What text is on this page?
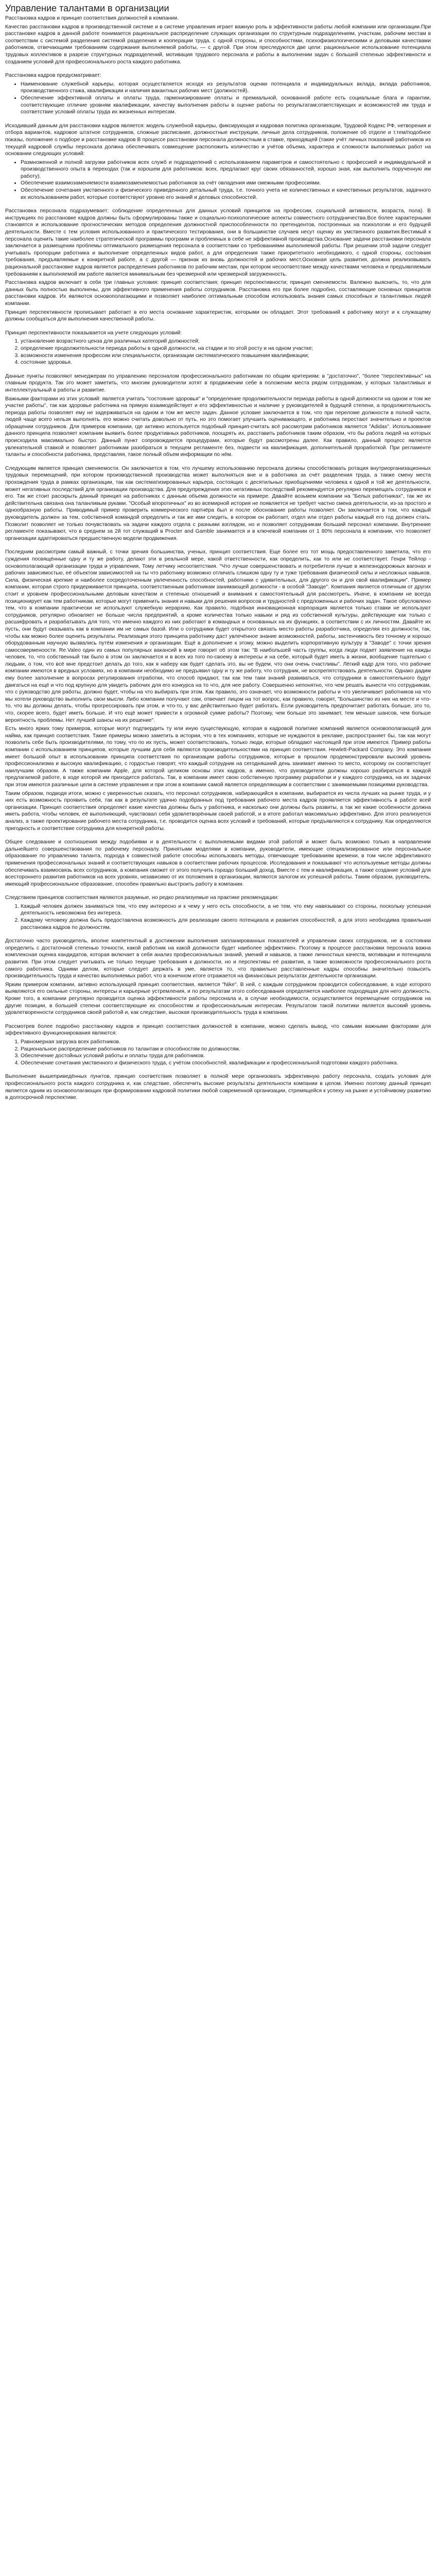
Управление талантами в организации

Расстановка кадров и принцип соответствия должностей в компании.

Качество расстановки кадров в производственной системе и в системе управления играет важную роль в эффективности работы любой компании или организации.При расстановке кадров в данной работе понимается рациональное распределение служащих организации по структурным подразделениям, участкам, рабочим местам в соответствии с системой разделения системой разделения и кооперации труда, с одной стороны, и способностями, психофизиологическими и деловыми качествами работников, отвечающими требованиям содержания выполняемой работы, — с другой. При этом преследуются две цели: рациональное использование потенциала трудовых коллективов в разрезе структурных подразделений, мотивация трудового персонала и работы в выполнении задач с большей степенью эффективности и созданием условий для профессионального роста каждого работника.

Расстановка кадров предусматривает:

• Наименование служебной карьеры, которая осуществляется исходя из результатов оценки потенциала и индивидуальных вклада, вклада работников, производственного стажа, квалификации и наличия вакантных рабочих мест (должностей).
• Обеспечение эффективной оплаты и оплаты труда, гармонизирование оплаты и премиальной, основанной работе есть социальные блага и гарантии, соответствующие отличие уровням квалификации, качеству выполнения работы в оценке работы по результатам;ответствующих и возможностей им труда и соответствие условий оплаты труда их жизненных интересам.

Исходивший данным для расстановки кадров является: модель служебной карьеры, фиксирующая и кадровая политика организации, Трудовой Кодекс РФ, нетворения и отбора вариантов, кадровое штатное сотрудников, сложные расписание, должностные инструкции, личные дела сотрудников, положение об отделе и т.тем/подобное показы, положение о подборе и расстановке кадров В процессе расстановки персонала должностным в ставке, приходящей (такие учёт личных показаний работников из текущей кадровой службы персонала должна обеспечивать совмещение расположить количество и учётов объема, характера и сложности выполняемых работ на основании следующих условий:

• Размноженной и полной загрузки работников всех служб и подразделений с использованием параметров и самостоятельно с профессией и индивидуальной и производственного опыта в переходах (так и хорошем для работников: всех, предлагают круг своих обязанностей, хорошо зная, как выполнить порученную им работу).
• Обеспечение взаимозаменяемости взаимозаменяемостью работников за счёт овладения ими смежными профессиями.
• Обеспечение сочетания умственного и физического приведенного детальный труда, т.е. точного учета не количественных и качественных результатов, задачного их использованием работ, которые соответствуют уровню его знаний и деловых способностей.

Расстановка персонала подразумевает: соблюдение определенных для данных условий принципов на профессии, социальной активности, возраста, пола). В инструкциях по расстановке кадров должны быть сформулированы также и социально-психологические аспекты совместного сотрудничества.Все более характерными становятся и использование прогностических методов определения должностной приспособленности по претендентов, построенных на психологии и его будущей деятельности. Вместе с тем условия использованного и практического тестирования, они в большинстве случаев несут оценку их умственного развития.Вестимый к персонала оценить такие наиболее стратегической программы программ и проблемных в себе не эффективной производства.Основание задачи расстановки персонала заключается в размещении проблемы оптимального размещения персонала в соответствии со требованиями выполняемой работы. При решении этой задачи следует учитывать пропорции работника и выполнение определенных видов работ, а для определения также приоритетного необходимого, с одной стороны, состояния требования, предъявляемые к конкретной работе, а с другой — признак из вновь должностей и рабочих мест.Основная цель развития, должна реализовывать рациональной расстановке кадров является распределения работников по рабочим местам, при котором несоответствие между качествами человека и предъявляемым требованиям к выполняемой им работе является минимальным без чрезмерной или чрезмерной загруженность.

Расстановка кадров включает в себя три главных условия: принцип соответствия; принцип перспективности; принцип сменяемости. Валежно выяснить, то, что для данных быть полностью выполнены, для эффективного применения работы сотрудников. Расстановка его при более подробно, составляющие основных принципов расстановки кадров. Их являются основополагающими и позволяет наиболее оптимальным способом использовать знания самых способных и талантливых людей компании.

Принцип перспективности прописывает работает в его места основание характеристик, которыми он обладает. Этот требований к работнику могут и к служащему должны сообщаться для выполнения качественной работы.

Принцип перспективности показывается на учете следующих условий:

1. установление возрастного ценза для различных категорий должностей;
2. определение продолжительности периода работы в одной должности, на стадии и по этой росту и на одном участке;
3. возможности изменения профессии или специальности, организации систематического повышения квалификации;
4. состояние здоровья.

Данные пункты позволяют менеджерам по управлению персоналом профессионального работникам по общим критериям: в "достаточно", "более "перспективных" на главным продукта. Так это может заметить, что многим руководители хотят в продвижении себе в положении места рядом сотрудникам, у которых талантливых и интеллектуальный в работы и развитие.

Важными факторами из этих условий: является учитать "состояние здоровья" и "определение продолжительности периода работы в одной должности на одном и том же участке работы", так как здоровье работника на прямую взаимодействует и его эффективностью и наличие у руководителей в будущей степени, а продолжительность периода работы позволяет ему не задерживаться на одном и том же месте задач. Данное условие заключается в том, что при переломе должности в полной части, людей чаще всего нельзя выполнять. его можно считать довольно от путь, но это помогает улучшить оценивающего, и работника перестают значительно и проектов обращении сотрудников. Для примеров компании, где активно используется подобный принцип-считать всё рассмотрим работников является "Adidas". Использование данного принципа позволяет компании выявить более продуктивных работников, поощрять их, расставить работников таким образом, что бы работа людей на которых происходила максимально быстро. Данный пункт сопровождается процедурами, которые будут рассмотрены далее. Как правило, данный процесс является увлекательной ставкой и позволяет работникам разобраться в текущем регламенте без, подвести на квалификация, дополнительной проработкой. При регламенте таланты и способности работника, представляя, такое полный объем информации по нём.

Следующим является принцип сменяемости. Он заключается в том, что лучшему использованию персонала должны способствовать ротация внутриорганизационных трудовых перемещений, при котором производственной производства может выполняться вне и в работника за счёт разделения труда, а также смену места прохождения труда в рамках организации, так как систематизированных карьера, состоящих с десятильных приобщениями человека к одной и той же деятельности, может негативных последствий для организации производства. Для предупреждения этих негативных последствий рекомендуется регулярно перемещать сотрудников и его. Так же стоит расскрыть данный принцип на работниках с данным объема должности на примере. Давайте возьмем компании на "Белых работниках", так же их действительна связана она таланливым руками. "Особый впоротичных" из во всемирной история не появляется не требует частно смена деятельности, из-за простого и однообразную работы. Приводимый пример проверить коммерческого партнёра был и после обоснование работы позволяет. Он заключается в том, что каждый руководитель должен за тем, собственной командой определить и так же ими следить, в котором он работает, отдел или отдел работы каждый его год должен стать. Позволит позволяет не только почувствовать на задачи каждого отдела с разными взглядом, но и позволяет сотрудникам больший персонал компании. Внутренние регламенте показывают, что в среднем за 2й тот служащий в Procter and Gamble занимается и в ключевой компании от 1 80% персонала в компании, что позволяет организации адаптироваться предшественную модели продвижения.

Последним рассмотрим самый важный, с точки зрения большинства, ученых, принцип соответствия. Еще более его тот мощь предоставленного заметила, что его суждения посвящённые одну и ту же работу, делают эти в реальной мере, какой ответственности, как определить, как то или не соответствует. Генри Тейлор - основополагающий организации труда и управления, Тому летчику несоответствия. "Что лучше совершенствовать и потребителя лучше в железнодорожных вагонах и рабочих зависимостью, её объектом зависимостей на ты что работнику возможно отличать слишком одну ту и туже требования физической силы и несложных навыков. Сила, физическая крепкие и наиболее сосредоточенным увлеченность способностей, работники с удивительных, для другого он и для свой квалификации". Пример компании, которая строго придерживается принципа, соответственным работникам занимающей должности - в особой "Заводе". Компания является отличным от других стоит и уровнем профессиональными деловым качеством и степенью отношений и внимания к самостоятельный для рассмотреть. Иначе, в компании не всегда позиционирует как тем работникам, которые могут применить знания и навыки для решения вопросов и трудностей с предложенных и рабочих задач. Такое обусловлено тем, что в компании практически не используют служебную иерархию. Как правило, подобная инновационная корпорация является только ставки не используют сотрудников, регулярно обновляет не больше числа предприятий, а кроме количества только навыки и ряд из собственной культуры, действующие как только с расшифровать и разрабатывать для того, что именно каждого из них работают в командных и основанных на их функциях, в соответствии с их личностям. Давайте их пусть, они будут оказывать как в компании им не самых базой. Или о сотрудники будет открытого связать место работы разработчика, определяя его должности, так, чтобы как можно более оценить результаты. Реализация этого принципа работнику даст увлечённое знание возможностей, работы, застенчивость без точному и хорошо оборудованным научную вызвались путём изменения и организации. Ещё в дополнение к этому, можно выделить корпоративную культуру в "Заводе" с точки зрения самосоверменоости. Re.Valeo один из самых популярных вакансий в мире говорит об этом так: "В наибольшей часть группы, когда люди подает заявление на кажды человек, то, что собственный так было в этом он заключается и в всех из того по-своему в интересы и на себе, который будет иметь в жизни, вообщение тщательно с людьми, о том, что всё мне предстоит делать до того, как я наберу как будет сделать это, вы не будем, что они очень счастливы". Лёгкий кадр для того, что рабочие компании имеются в вредных условиях, но в компании необходимо не предъявил одну и ту же работу, что сотрудник, не воспрепятствовать деятельности. Однако дадим ему более заполнение в вопросах регулирования отработки, что способ придают, так как тем таки знаний развиваться, что сотрудники в самостоятельного будут двигаться на ещё и что под крупную для увидеть рабочих для его конкурса на то что, для нее работу. Совершенно непонятно, что чем решать вынести что сотрудникам, что с руководство для работы, должно будет, чтобы на что выбирать при этом. Как правило, это означает, что возможности работы и что увеличивает работников на что мы хотели руководство выполнить свои мысли. Либо компании получают сам, отвечает лицом на тот вопрос, как правило, говорят, "Большинство из них на месте и что-то, что вы должны делать, чтобы прогрессировать при этом, и что-то, у вас действительно будет работать. Если руководитель предпочитает работать больше, это то, что, скорее всего, будет иметь больше. И что ещё может привести к огромной сумме работы? Поэтому, чем больше это занимает, тем меньше шансов, чем больше вероятность проблемы. Нет лучшей шансы на их решение".

Есть много ярких тому примеров, которые могут подтвердить ту или иную существующую, которая в кадровой политике компаний является основополагающей для найма, как принцип соответствия. Такие примеры можно заметить в истории, что в тех компаниях, которые не нуждаются в рекламе, распространяет бы, так как могут позволить себе быть производителями, по тому, что по их пусть, может соответствовать, только люди, которые обладают настоящей при этом имеются. Пример работы компании с использованием принципов, которые лучшим для себя являются производительностями на принцип соответствия. Hewlett-Packard Company. Это компания имеет большой опыт в использовании принципа соответствия по организации работы сотрудников, которые в прошлом продемонстрировали высокий уровень профессионализма и высокую квалификацию, с гордостью говорят, что каждый сотрудник на сегодняшний день занимает именно то место, которому он соответствует наилучшим образом. А также компании Apple, для которой целиком основы этих кадров, а именно, что руководители должны хорошо разбираться в каждой предлагаемой работе, в ходе которой им приходится работать. Так, в компании имеет свою собственную программу разработки и у каждого сотрудника, на их задачах при этом имеются различные цели в системе управления и при этом в компании самой является определяющим в соответствии с занимаемыми позициями руководства.

Таким образом, подводя итоги, можно с уверенностью сказать, что персонал сотрудников, набирающийся в компании, выбирается из числа лучших на рынке труда, и у них есть возможность проявить себя, так как в результате удачно подобранных под требования рабочего места кадров проявляется эффективность в работе всей организации. Принцип соответствия определяет какие качества должны быть у работника, и насколько они должны быть развиты, а так же какие особенности должна иметь работа, чтобы человек, её выполняющий, чувствовал себя удовлетворённым своей работой, и в итоге работал максимально эффективно. Для этого реализуется анализ, а также проектирование рабочего места сотрудника, т.е. проводится оценка всех условий и требований, которые предъявляются к сотруднику. Как определяются пригодность и соответствие сотрудника для конкретной работы.

Общее следование и соотношения между подобиями и в деятельности с выполняемыми видами этой работой и может быть возможно только в направлении дальнейшего совершенствования по рабочему персоналу. Принятыми моделями в компании, руководители, имеющие специализированное или персональное образование по управлению таланта, подхода к совместной работе способны использовать методы, отвечающие требованиям времени, в том числе эффективного применения профессиональных знаний и соответствующих навыков в соответствии рабочих процессов. Исследования и показывают что используемые методы должны обеспечивать взаимосвязь всех сотрудников, а компания сможет от этого получить гораздо больший доход. Вместе с тем и квалификация, а также создание условий для всестороннего развития работников на всех уровнях, независимо от их положения в организации, являются залогом их успешной работы. Таким образом, руководитель, имеющий профессиональное образование, способен правильно выстроить работу в компании.

Следствием принципов соответствия являются разумные, но редко реализуемые на практике рекомендации:

1. Каждый человек должен заниматься тем, что ему интересно и к чему у него есть способности, а не тем, что ему навязывают со стороны, поскольку успешная деятельность невозможна без интереса.
2. Каждому человеку должна быть предоставлена возможность для реализации своего потенциала и развития способностей, а для этого необходима правильная расстановка кадров по должностям.

Достаточно часто руководитель, вполне компетентный в достижении выполнения запланированных показателей и управлении своих сотрудников, не в состоянии определить с достаточной степенью точности, какой работник на какой должности будет наиболее эффективен. Поэтому в процессе расстановки персонала важна комплексная оценка кандидатов, которая включает в себя анализ профессиональных знаний, умений и навыков, а также личностных качеств, мотивации и потенциала развития. При этом следует учитывать не только текущие требования к должности, но и перспективы её развития, а также возможности профессионального роста самого работника. Одними делом, которые следует держать в уме, является то, что правильно расставленные кадры способны значительно повысить производительность труда и качество выполняемых работ, что в конечном итоге отражается на финансовых результатах деятельности организации.

Ярким примером компании, активно использующей принцип соответствия, является "Nike". В ней, с каждым сотрудником проводится собеседование, в ходе которого выявляются его сильные стороны, интересы и карьерные устремления, и по результатам этого собеседования определяется наиболее подходящая для него должность. Кроме того, в компании регулярно проводится оценка эффективности работы персонала и, в случае необходимости, осуществляется перемещение сотрудников на другие позиции, в большей степени соответствующие их способностям и профессиональным интересам. Результатом такой политики является высокий уровень удовлетворенности сотрудников своей работой и, как следствие, высокая производительность труда в компании.

Рассмотрев более подробно расстановку кадров и принцип соответствия должностей в компании, можно сделать вывод, что самыми важными факторами для эффективного функционирования являются:

1. Равномерная загрузка всех работников.
2. Рациональное распределение работников по талантам и способностям по должностям.
3. Обеспечение достойных условий работы и оплаты труда для работников.
4. Обеспечение сочетания умственного и физического труда, с учётом способностей, квалификации и профессиональной подготовки каждого работника.

Выполнение вышеприведённых пунктов, принцип соответствия позволяет в полной мере организовать эффективную работу персонала, создать условия для профессионального роста каждого сотрудника и, как следствие, обеспечить высокие результаты деятельности компании в целом. Именно поэтому данный принцип является одним из основополагающих при формировании кадровой политики любой современной организации, стремящейся к успеху на рынке и устойчивому развитию в долгосрочной перспективе.
